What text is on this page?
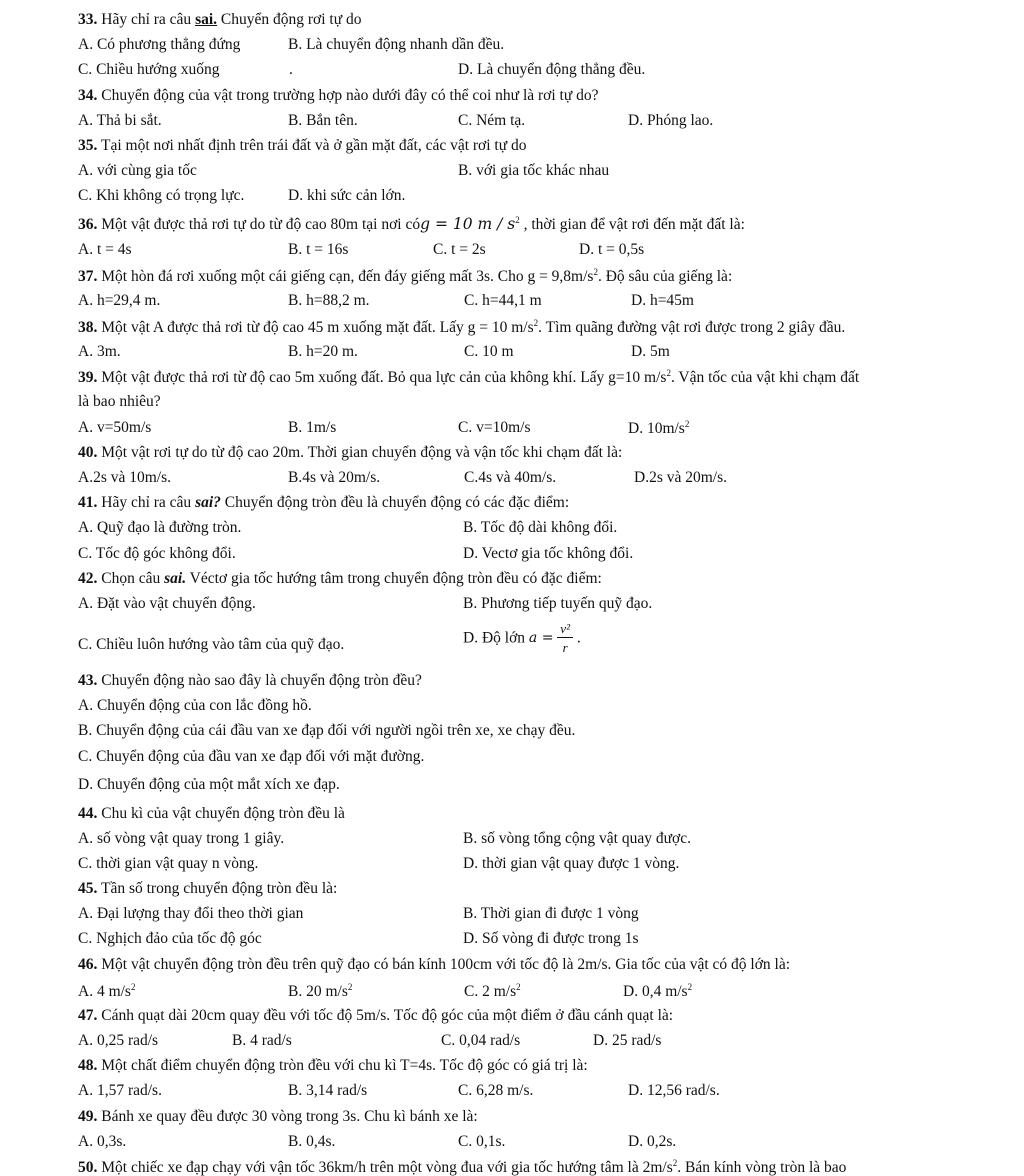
33. Hãy chỉ ra câu sai. Chuyển động rơi tự do
A. Có phương thẳng đứng	B. Là chuyển động nhanh dần đều.
C. Chiều hướng xuống	.	D. Là chuyển động thẳng đều.
34. Chuyển động của vật trong trường hợp nào dưới đây có thể coi như là rơi tự do?
A. Thả bi sắt.	B. Bắn tên.	C. Ném tạ.	D. Phóng lao.
35. Tại một nơi nhất định trên trái đất và ở gần mặt đất, các vật rơi tự do
A. với cùng gia tốc	B. với gia tốc khác nhau
C. Khi không có trọng lực.	D. khi sức cản lớn.
36. Một vật được thả rơi tự do từ độ cao 80m tại nơi cóg = 10 m / $s^2$ , thời gian để vật rơi đến mặt đất là:
A. t = 4s	B. t = 16s	C. t = 2s	D. t = 0,5s
37. Một hòn đá rơi xuống một cái giếng cạn, đến đáy giếng mất 3s. Cho $g = 9,8m/s^2$. Độ sâu của giếng là:
A. h=29,4 m.	B. h=88,2 m.	C. h=44,1 m	D. h=45m
38. Một vật A được thả rơi từ độ cao 45 m xuống mặt đất. Lấy g = 10 $m/s^2$. Tìm quãng đường vật rơi được trong 2 giây đầu.
A. 3m.	B. h=20 m.	C. 10 m	D. 5m
39. Một vật được thả rơi từ độ cao 5m xuống đất. Bỏ qua lực cản của không khí. Lấy g=10 $m/s^2$. Vận tốc của vật khi chạm đất
là bao nhiêu?
A. v=50m/s	B. 1m/s	C. v=10m/s	D. $10m/s^2$
40. Một vật rơi tự do từ độ cao 20m. Thời gian chuyển động và vận tốc khi chạm đất là:
A.2s và 10m/s.	B.4s và 20m/s.	C.4s và 40m/s.	D.2s và 20m/s.
41. Hãy chỉ ra câu sai? Chuyển động tròn đều là chuyển động có các đặc điểm:
A. Quỹ đạo là đường tròn.	B. Tốc độ dài không đổi.
C. Tốc độ góc không đổi.	D. Vectơ gia tốc không đổi.
42. Chọn câu sai. Véctơ gia tốc hướng tâm trong chuyển động tròn đều có đặc điểm:
A. Đặt vào vật chuyển động.	B. Phương tiếp tuyến quỹ đạo.
C. Chiều luôn hướng vào tâm của quỹ đạo.	D. Độ lớn $a = \frac{\text{v²}}{r}$ .
43. Chuyển động nào sao đây là chuyển động tròn đều?
A. Chuyển động của con lắc đồng hồ.
B. Chuyển động của cái đầu van xe đạp đối với người ngồi trên xe, xe chạy đều.
C. Chuyển động của đầu van xe đạp đối với mặt đường.
D. Chuyển động của một mắt xích xe đạp.
44. Chu kì của vật chuyển động tròn đều là
A. số vòng vật quay trong 1 giây.	B. số vòng tổng cộng vật quay được.
C. thời gian vật quay n vòng.	D. thời gian vật quay được 1 vòng.
45. Tần số trong chuyển động tròn đều là:
A. Đại lượng thay đổi theo thời gian	B. Thời gian đi được 1 vòng
C. Nghịch đảo của tốc độ góc	D. Số vòng đi được trong 1s
46. Một vật chuyển động tròn đều trên quỹ đạo có bán kính 100cm với tốc độ là 2m/s. Gia tốc của vật có độ lớn là:
A. 4 $m/s^2$	B. 20 $m/s^2$	C. 2 $m/s^2$	D. 0,4 $m/s^2$
47. Cánh quạt dài 20cm quay đều với tốc độ 5m/s. Tốc độ góc của một điểm ở đầu cánh quạt là:
A. 0,25 rad/s	B. 4 rad/s	C. 0,04 rad/s	D. 25 rad/s
48. Một chất điểm chuyển động tròn đều với chu kì T=4s. Tốc độ góc có giá trị là:
A. 1,57 rad/s.	B. 3,14 rad/s	C. 6,28 m/s.	D. 12,56 rad/s.
49. Bánh xe quay đều được 30 vòng trong 3s. Chu kì bánh xe là:
A. 0,3s.	B. 0,4s.	C. 0,1s.	D. 0,2s.
50. Một chiếc xe đạp chạy với vận tốc 36km/h trên một vòng đua với gia tốc hướng tâm là $2m/s^2$. Bán kính vòng tròn là bao
